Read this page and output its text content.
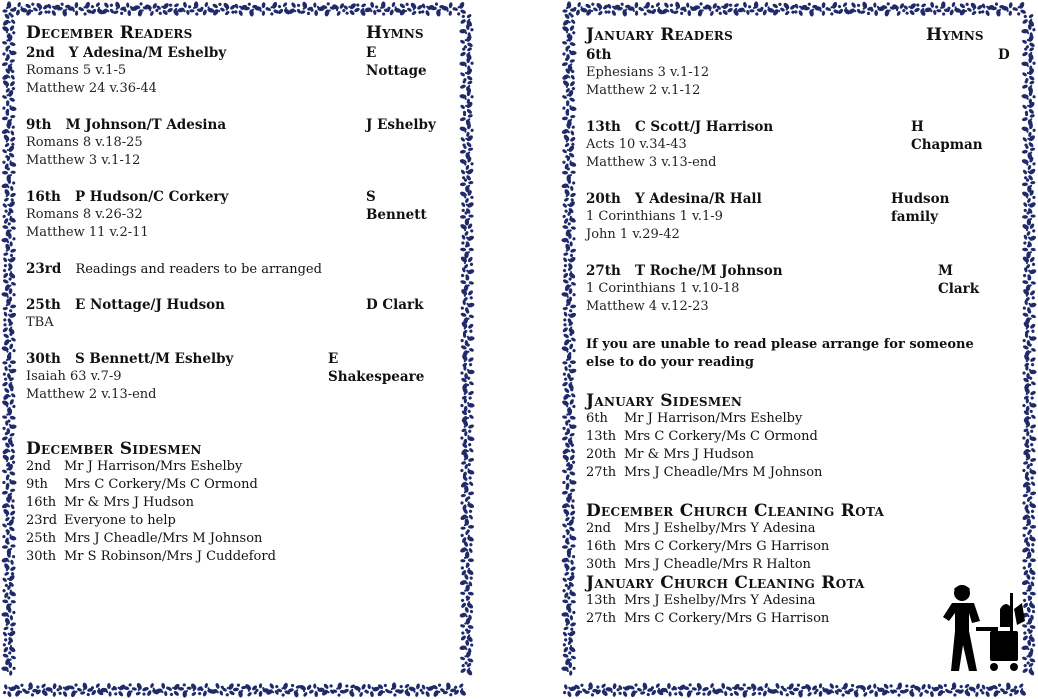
December Readers	Hymns
2nd Y Adesina/M Eshelby	E Nottage
Romans 5 v.1-5
Matthew 24 v.36-44
9th M Johnson/T Adesina	J Eshelby
Romans 8 v.18-25
Matthew 3 v.1-12
16th P Hudson/C Corkery	S Bennett
Romans 8 v.26-32
Matthew 11 v.2-11
23rd Readings and readers to be arranged
25th E Nottage/J Hudson	D Clark
TBA
30th S Bennett/M Eshelby	E Shakespeare
Isaiah 63 v.7-9
Matthew 2 v.13-end
December Sidesmen
2nd	Mr J Harrison/Mrs Eshelby
9th	Mrs C Corkery/Ms C Ormond
16th Mr & Mrs J Hudson
23rd Everyone to help
25th Mrs J Cheadle/Mrs M Johnson
30th Mr S Robinson/Mrs J Cuddeford
January Readers	Hymns
6th	D
Ephesians 3 v.1-12
Matthew 2 v.1-12
13th C Scott/J Harrison	H Chapman
Acts 10 v.34-43
Matthew 3 v.13-end
20th Y Adesina/R Hall	Hudson family
1 Corinthians 1 v.1-9
John 1 v.29-42
27th T Roche/M Johnson	M Clark
1 Corinthians 1 v.10-18
Matthew 4 v.12-23
If you are unable to read please arrange for someone else to do your reading
January Sidesmen
6th	Mr J Harrison/Mrs Eshelby
13th Mrs C Corkery/Ms C Ormond
20th Mr & Mrs J Hudson
27th Mrs J Cheadle/Mrs M Johnson
December Church Cleaning Rota
2nd	Mrs J Eshelby/Mrs Y Adesina
16th Mrs C Corkery/Mrs G Harrison
30th Mrs J Cheadle/Mrs R Halton
January Church Cleaning Rota
13th Mrs J Eshelby/Mrs Y Adesina
27th Mrs C Corkery/Mrs G Harrison
